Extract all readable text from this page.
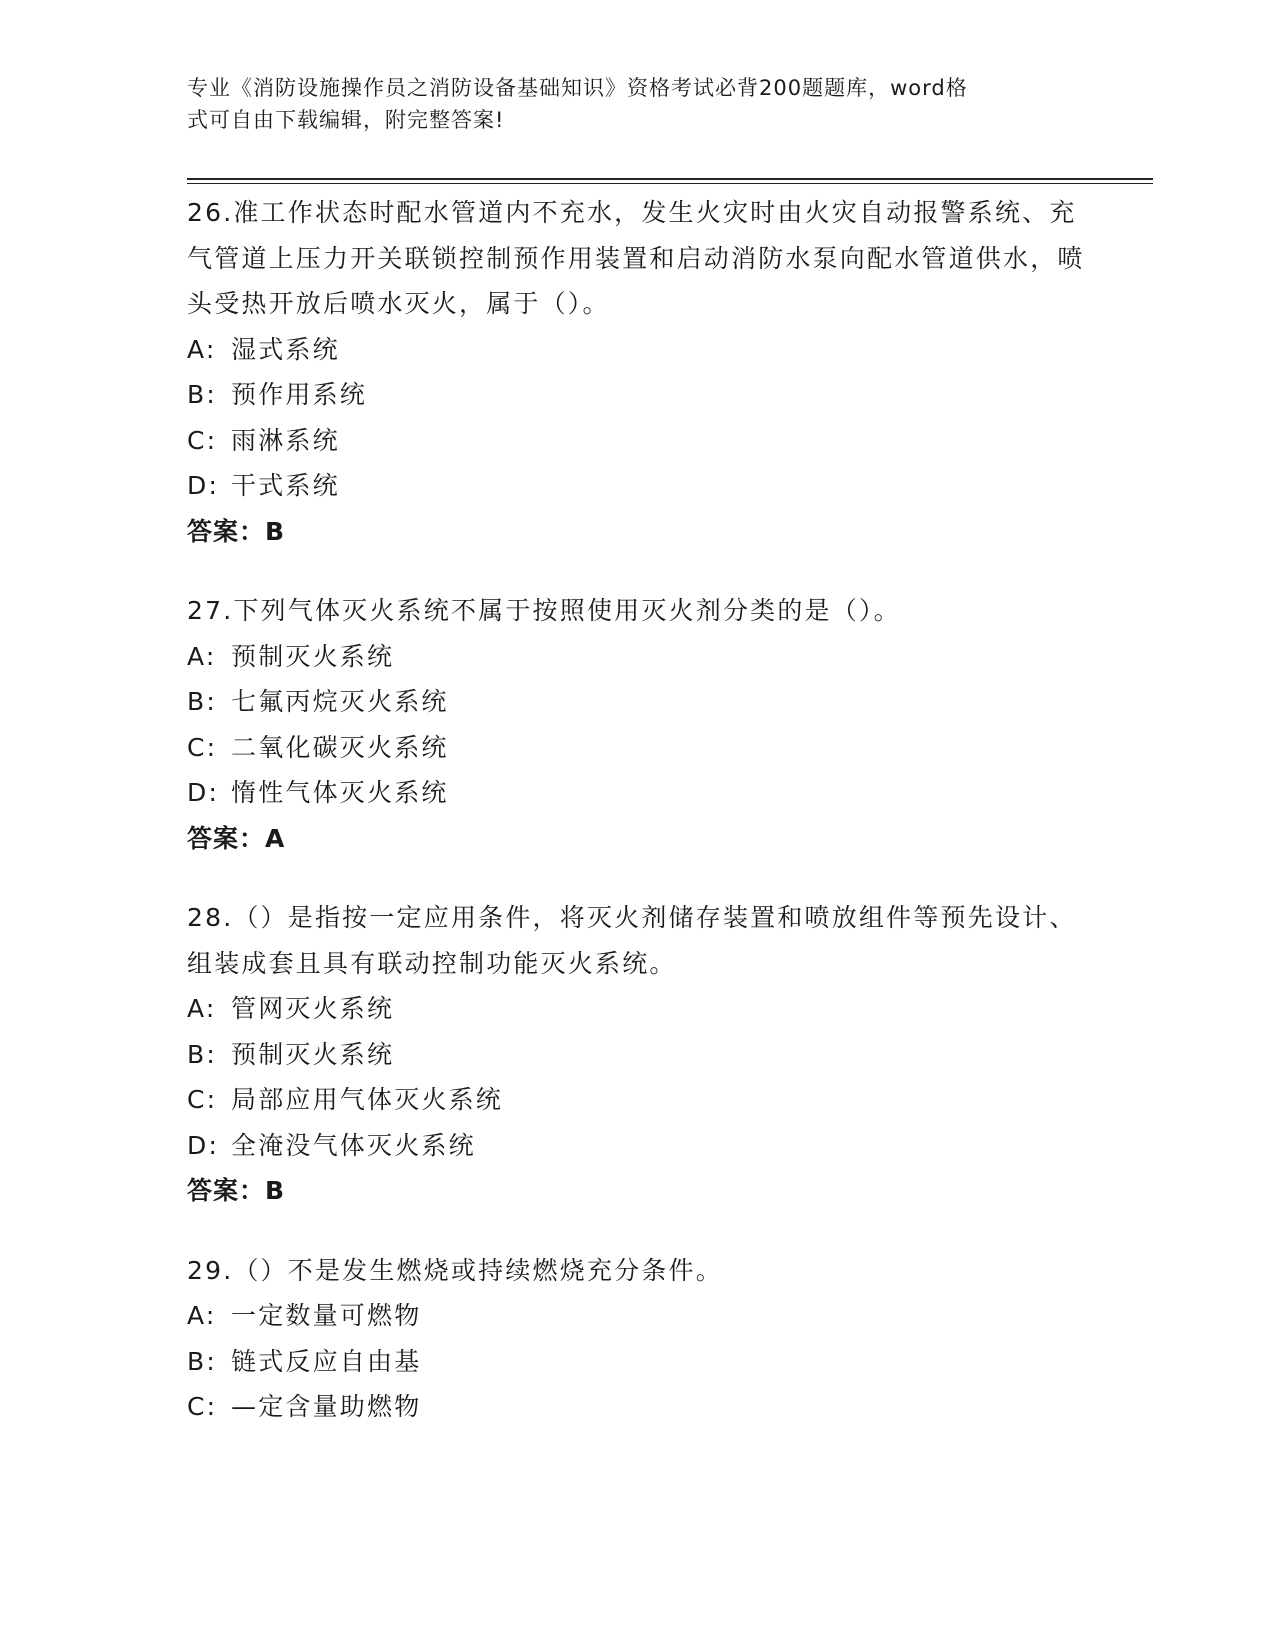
专业《消防设施操作员之消防设备基础知识》资格考试必背200题题库，word格
式可自由下载编辑，附完整答案!
26.准工作状态时配水管道内不充水，发生火灾时由火灾自动报警系统、充气管道上压力开关联锁控制预作用装置和启动消防水泵向配水管道供水，喷头受热开放后喷水灭火，属于（）。
A: 湿式系统
B: 预作用系统
C: 雨淋系统
D: 干式系统
答案：B
27.下列气体灭火系统不属于按照使用灭火剂分类的是（）。
A: 预制灭火系统
B: 七氟丙烷灭火系统
C: 二氧化碳灭火系统
D: 惰性气体灭火系统
答案：A
28.（）是指按一定应用条件，将灭火剂储存装置和喷放组件等预先设计、组装成套且具有联动控制功能灭火系统。
A: 管网灭火系统
B: 预制灭火系统
C: 局部应用气体灭火系统
D: 全淹没气体灭火系统
答案：B
29.（）不是发生燃烧或持续燃烧充分条件。
A: 一定数量可燃物
B: 链式反应自由基
C: —定含量助燃物
